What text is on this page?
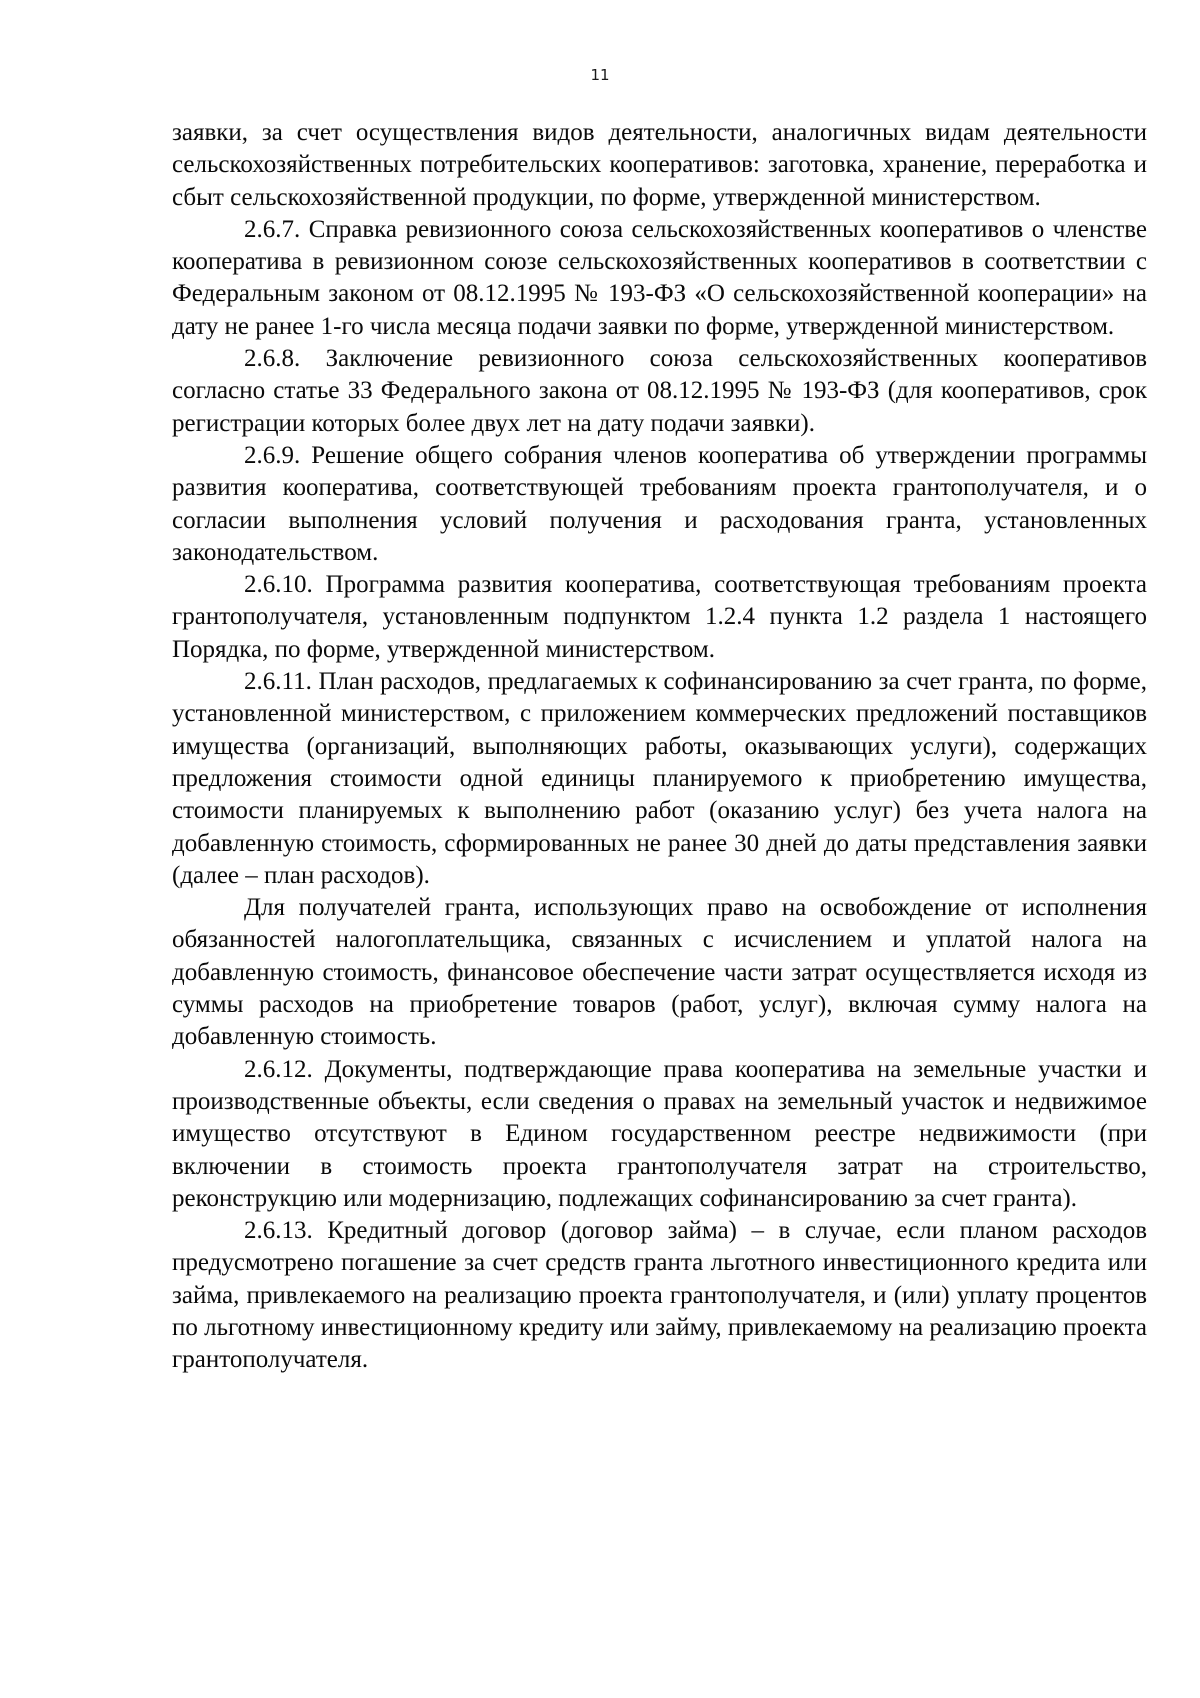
11

заявки, за счет осуществления видов деятельности, аналогичных видам деятельности сельскохозяйственных потребительских кооперативов: заготовка, хранение, переработка и сбыт сельскохозяйственной продукции, по форме, утвержденной министерством.

2.6.7. Справка ревизионного союза сельскохозяйственных кооперативов о членстве кооператива в ревизионном союзе сельскохозяйственных кооперативов в соответствии с Федеральным законом от 08.12.1995 № 193-ФЗ «О сельскохозяйственной кооперации» на дату не ранее 1-го числа месяца подачи заявки по форме, утвержденной министерством.

2.6.8. Заключение ревизионного союза сельскохозяйственных кооперативов согласно статье 33 Федерального закона от 08.12.1995 № 193-ФЗ (для кооперативов, срок регистрации которых более двух лет на дату подачи заявки).

2.6.9. Решение общего собрания членов кооператива об утверждении программы развития кооператива, соответствующей требованиям проекта грантополучателя, и о согласии выполнения условий получения и расходования гранта, установленных законодательством.

2.6.10. Программа развития кооператива, соответствующая требованиям проекта грантополучателя, установленным подпунктом 1.2.4 пункта 1.2 раздела 1 настоящего Порядка, по форме, утвержденной министерством.

2.6.11. План расходов, предлагаемых к софинансированию за счет гранта, по форме, установленной министерством, с приложением коммерческих предложений поставщиков имущества (организаций, выполняющих работы, оказывающих услуги), содержащих предложения стоимости одной единицы планируемого к приобретению имущества, стоимости планируемых к выполнению работ (оказанию услуг) без учета налога на добавленную стоимость, сформированных не ранее 30 дней до даты представления заявки (далее – план расходов).

Для получателей гранта, использующих право на освобождение от исполнения обязанностей налогоплательщика, связанных с исчислением и уплатой налога на добавленную стоимость, финансовое обеспечение части затрат осуществляется исходя из суммы расходов на приобретение товаров (работ, услуг), включая сумму налога на добавленную стоимость.

2.6.12. Документы, подтверждающие права кооператива на земельные участки и производственные объекты, если сведения о правах на земельный участок и недвижимое имущество отсутствуют в Едином государственном реестре недвижимости (при включении в стоимость проекта грантополучателя затрат на строительство, реконструкцию или модернизацию, подлежащих софинансированию за счет гранта).

2.6.13. Кредитный договор (договор займа) – в случае, если планом расходов предусмотрено погашение за счет средств гранта льготного инвестиционного кредита или займа, привлекаемого на реализацию проекта грантополучателя, и (или) уплату процентов по льготному инвестиционному кредиту или займу, привлекаемому на реализацию проекта грантополучателя.
